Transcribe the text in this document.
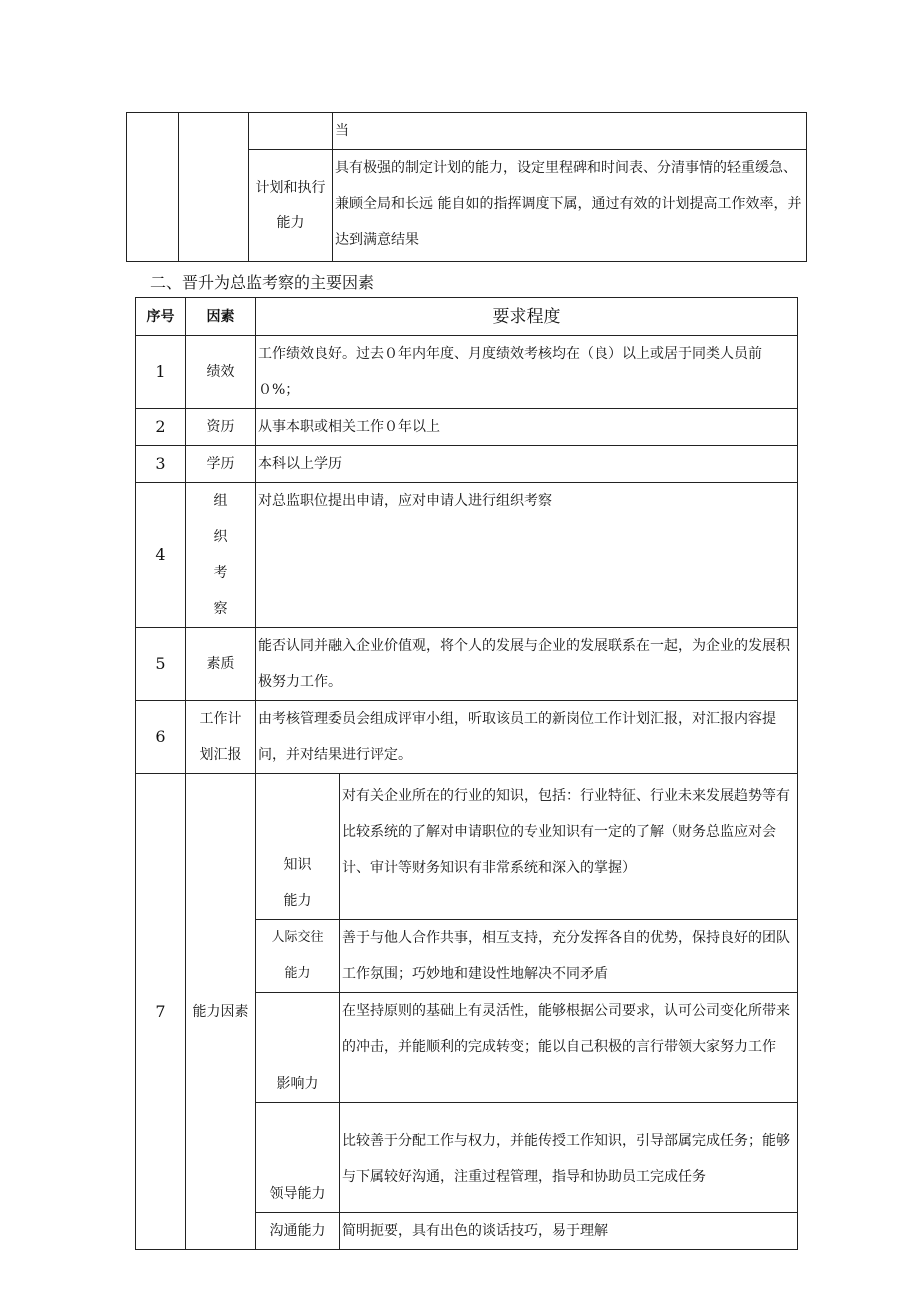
			当
		计划和执行能力	具有极强的制定计划的能力，设定里程碑和时间表、分清事情的轻重缓急、兼顾全局和长远 能自如的指挥调度下属，通过有效的计划提高工作效率，并达到满意结果
二、晋升为总监考察的主要因素
序号	因素	要求程度	
1	绩效	工作绩效良好。过去０年内年度、月度绩效考核均在（良）以上或居于同类人员前０%；	
2	资历	从事本职或相关工作０年以上	
3	学历	本科以上学历	
4	组织考察	对总监职位提出申请，应对申请人进行组织考察	
5	素质	能否认同并融入企业价值观，将个人的发展与企业的发展联系在一起，为企业的发展积极努力工作。	
6	工作计划汇报	由考核管理委员会组成评审小组，听取该员工的新岗位工作计划汇报，对汇报内容提问，并对结果进行评定。	
7	能力因素	知识能力	对有关企业所在的行业的知识，包括：行业特征、行业未来发展趋势等有比较系统的了解对申请职位的专业知识有一定的了解（财务总监应对会计、审计等财务知识有非常系统和深入的掌握）
		人际交往能力	善于与他人合作共事，相互支持，充分发挥各自的优势，保持良好的团队工作氛围；巧妙地和建设性地解决不同矛盾
		影响力	在坚持原则的基础上有灵活性，能够根据公司要求，认可公司变化所带来的冲击，并能顺利的完成转变；能以自己积极的言行带领大家努力工作
		领导能力	比较善于分配工作与权力，并能传授工作知识，引导部属完成任务；能够与下属较好沟通，注重过程管理，指导和协助员工完成任务
		沟通能力	简明扼要，具有出色的谈话技巧，易于理解
